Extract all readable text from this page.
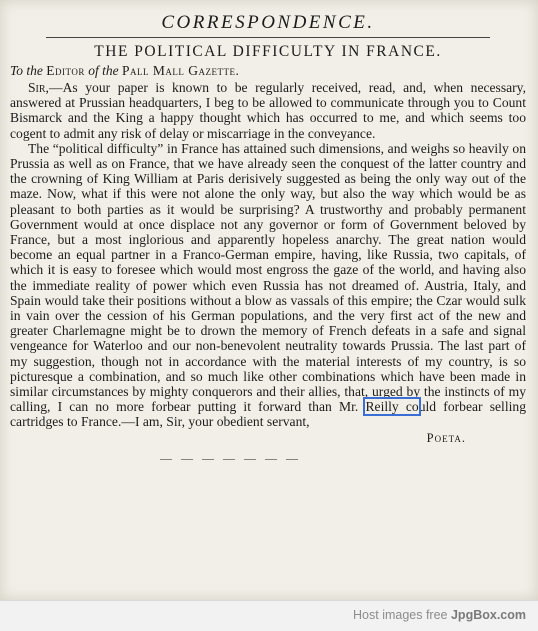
CORRESPONDENCE.
THE POLITICAL DIFFICULTY IN FRANCE.
To the Editor of the Pall Mall Gazette.

Sir,—As your paper is known to be regularly received, read, and, when necessary, answered at Prussian headquarters, I beg to be allowed to communicate through you to Count Bismarck and the King a happy thought which has occurred to me, and which seems too cogent to admit any risk of delay or miscarriage in the conveyance.

The “political difficulty” in France has attained such dimensions, and weighs so heavily on Prussia as well as on France, that we have already seen the conquest of the latter country and the crowning of King William at Paris derisively suggested as being the only way out of the maze. Now, what if this were not alone the only way, but also the way which would be as pleasant to both parties as it would be surprising? A trustworthy and probably permanent Government would at once displace not any governor or form of Government beloved by France, but a most inglorious and apparently hopeless anarchy. The great nation would become an equal partner in a Franco-German empire, having, like Russia, two capitals, of which it is easy to foresee which would most engross the gaze of the world, and having also the immediate reality of power which even Russia has not dreamed of. Austria, Italy, and Spain would take their positions without a blow as vassals of this empire; the Czar would sulk in vain over the cession of his German populations, and the very first act of the new and greater Charlemagne might be to drown the memory of French defeats in a safe and signal vengeance for Waterloo and our non-benevolent neutrality towards Prussia. The last part of my suggestion, though not in accordance with the material interests of my country, is so picturesque a combination, and so much like other combinations which have been made in similar circumstances by mighty conquerors and their allies, that, urged by the instincts of my calling, I can no more forbear putting it forward than Mr. Reilly could forbear selling cartridges to France.—I am, Sir, your obedient servant,

Poeta.
— — — — — — —
Host images free JpgBox.com
